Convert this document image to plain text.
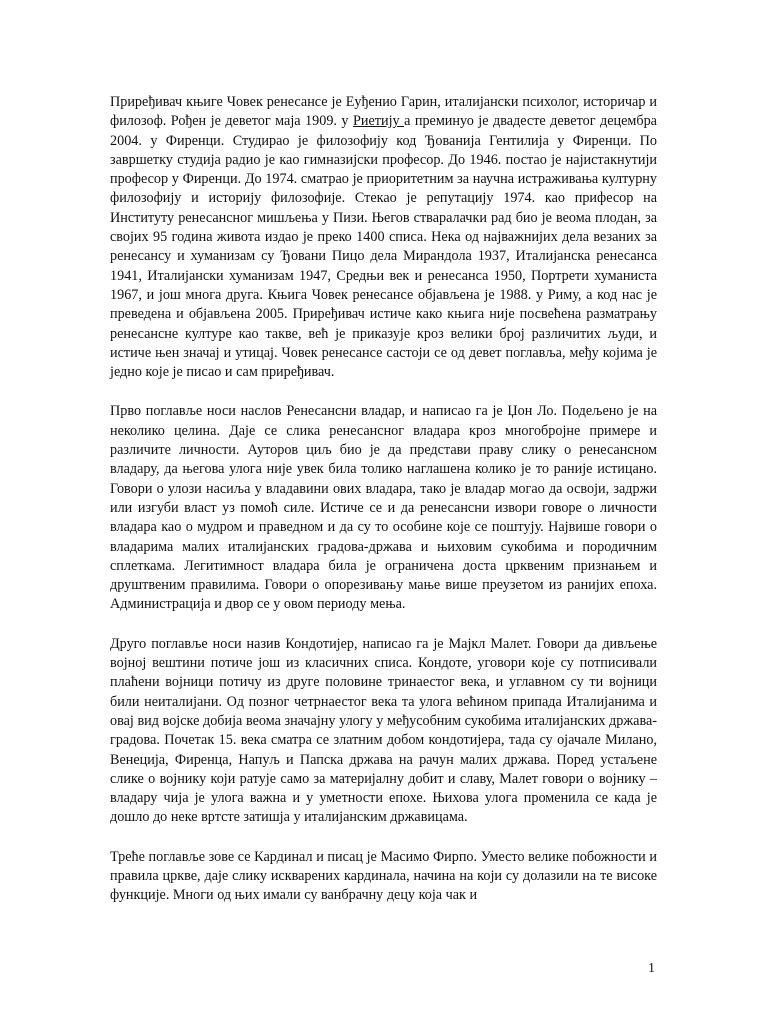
Приређивач књиге Човек ренесансе је Еуђенио Гарин, италијански психолог, историчар и филозоф. Рођен је деветог маја 1909. у Риетију а преминуо је двадесте деветог децембра 2004. у Фиренци. Студирао је филозофију код Ђованија Гентилија у Фиренци. По завршетку студија радио је као гимназијски професор. До 1946. постао је најистакнутији професор у Фиренци. До 1974. сматрао је приоритетним за научна истраживања културну филозофију и историју филозофије. Стекао је репутацију 1974. као прифесор на Институту ренесансног мишљења у Пизи. Његов стваралачки рад био је веома плодан, за својих 95 година живота издао је преко 1400 списа. Нека од најважнијих дела везаних за ренесансу и хуманизам су Ђовани Пицо дела Мирандола 1937, Италијанска ренесанса 1941, Италијански хуманизам 1947, Средњи век и ренесанса 1950, Портрети хуманиста 1967, и још многа друга. Књига Човек ренесансе објављена је 1988. у Риму, а код нас је преведена и објављена 2005. Приређивач истиче како књига није посвећена разматрању ренесансне културе као такве, већ је приказује кроз велики број различитих људи, и истиче њен значај и утицај. Човек ренесансе састоји се од девет поглавља, међу којима је једно које је писао и сам приређивач.

Прво поглавље носи наслов Ренесансни владар, и написао га је Џон Ло. Подељено је на неколико целина. Даје се слика ренесансног владара кроз многобројне примере и различите личности. Ауторов циљ био је да представи праву слику о ренесансном владару, да његова улога није увек била толико наглашена колико је то раније истицано. Говори о улози насиља у владавини ових владара, тако је владар могао да освоји, задржи или изгуби власт уз помоћ силе. Истиче се и да ренесансни извори говоре о личности владара као о мудром и праведном и да су то особине које се поштују. Највише говори о владарима малих италијанских градова-држава и њиховим сукобима и породичним сплеткама. Легитимност владара била је ограничена доста црквеним признањем и друштвеним правилима. Говори о опорезивању мање више преузетом из ранијих епоха. Администрација и двор се у овом периоду мења.

Друго поглавље носи назив Кондотијер, написао га је Мајкл Малет. Говори да дивљење војној вештини потиче још из класичних списа. Кондоте, уговори које су потписивали плаћени војници потичу из друге половине тринаестог века, и углавном су ти војници били неиталијани. Од позног четрнаестог века та улога већином припада Италијанима и овај вид војске добија веома значајну улогу у међусобним сукобима италијанских држава-градова. Почетак 15. века сматра се златним добом кондотијера, тада су ојачале Милано, Венеција, Фиренца, Напуљ и Папска држава на рачун малих држава. Поред устаљене слике о војнику који ратује само за материјалну добит и славу, Малет говори о војнику – владару чија је улога важна и у уметности епохе. Њихова улога променила се када је дошло до неке вртсте затишја у италијанским државицама.

Треће поглавље зове се Кардинал и писац је Масимо Фирпо. Уместо велике побожности и правила цркве, даје слику искварених кардинала, начина на који су долазили на те високе функције. Многи од њих имали су ванбрачну децу која чак и

1
